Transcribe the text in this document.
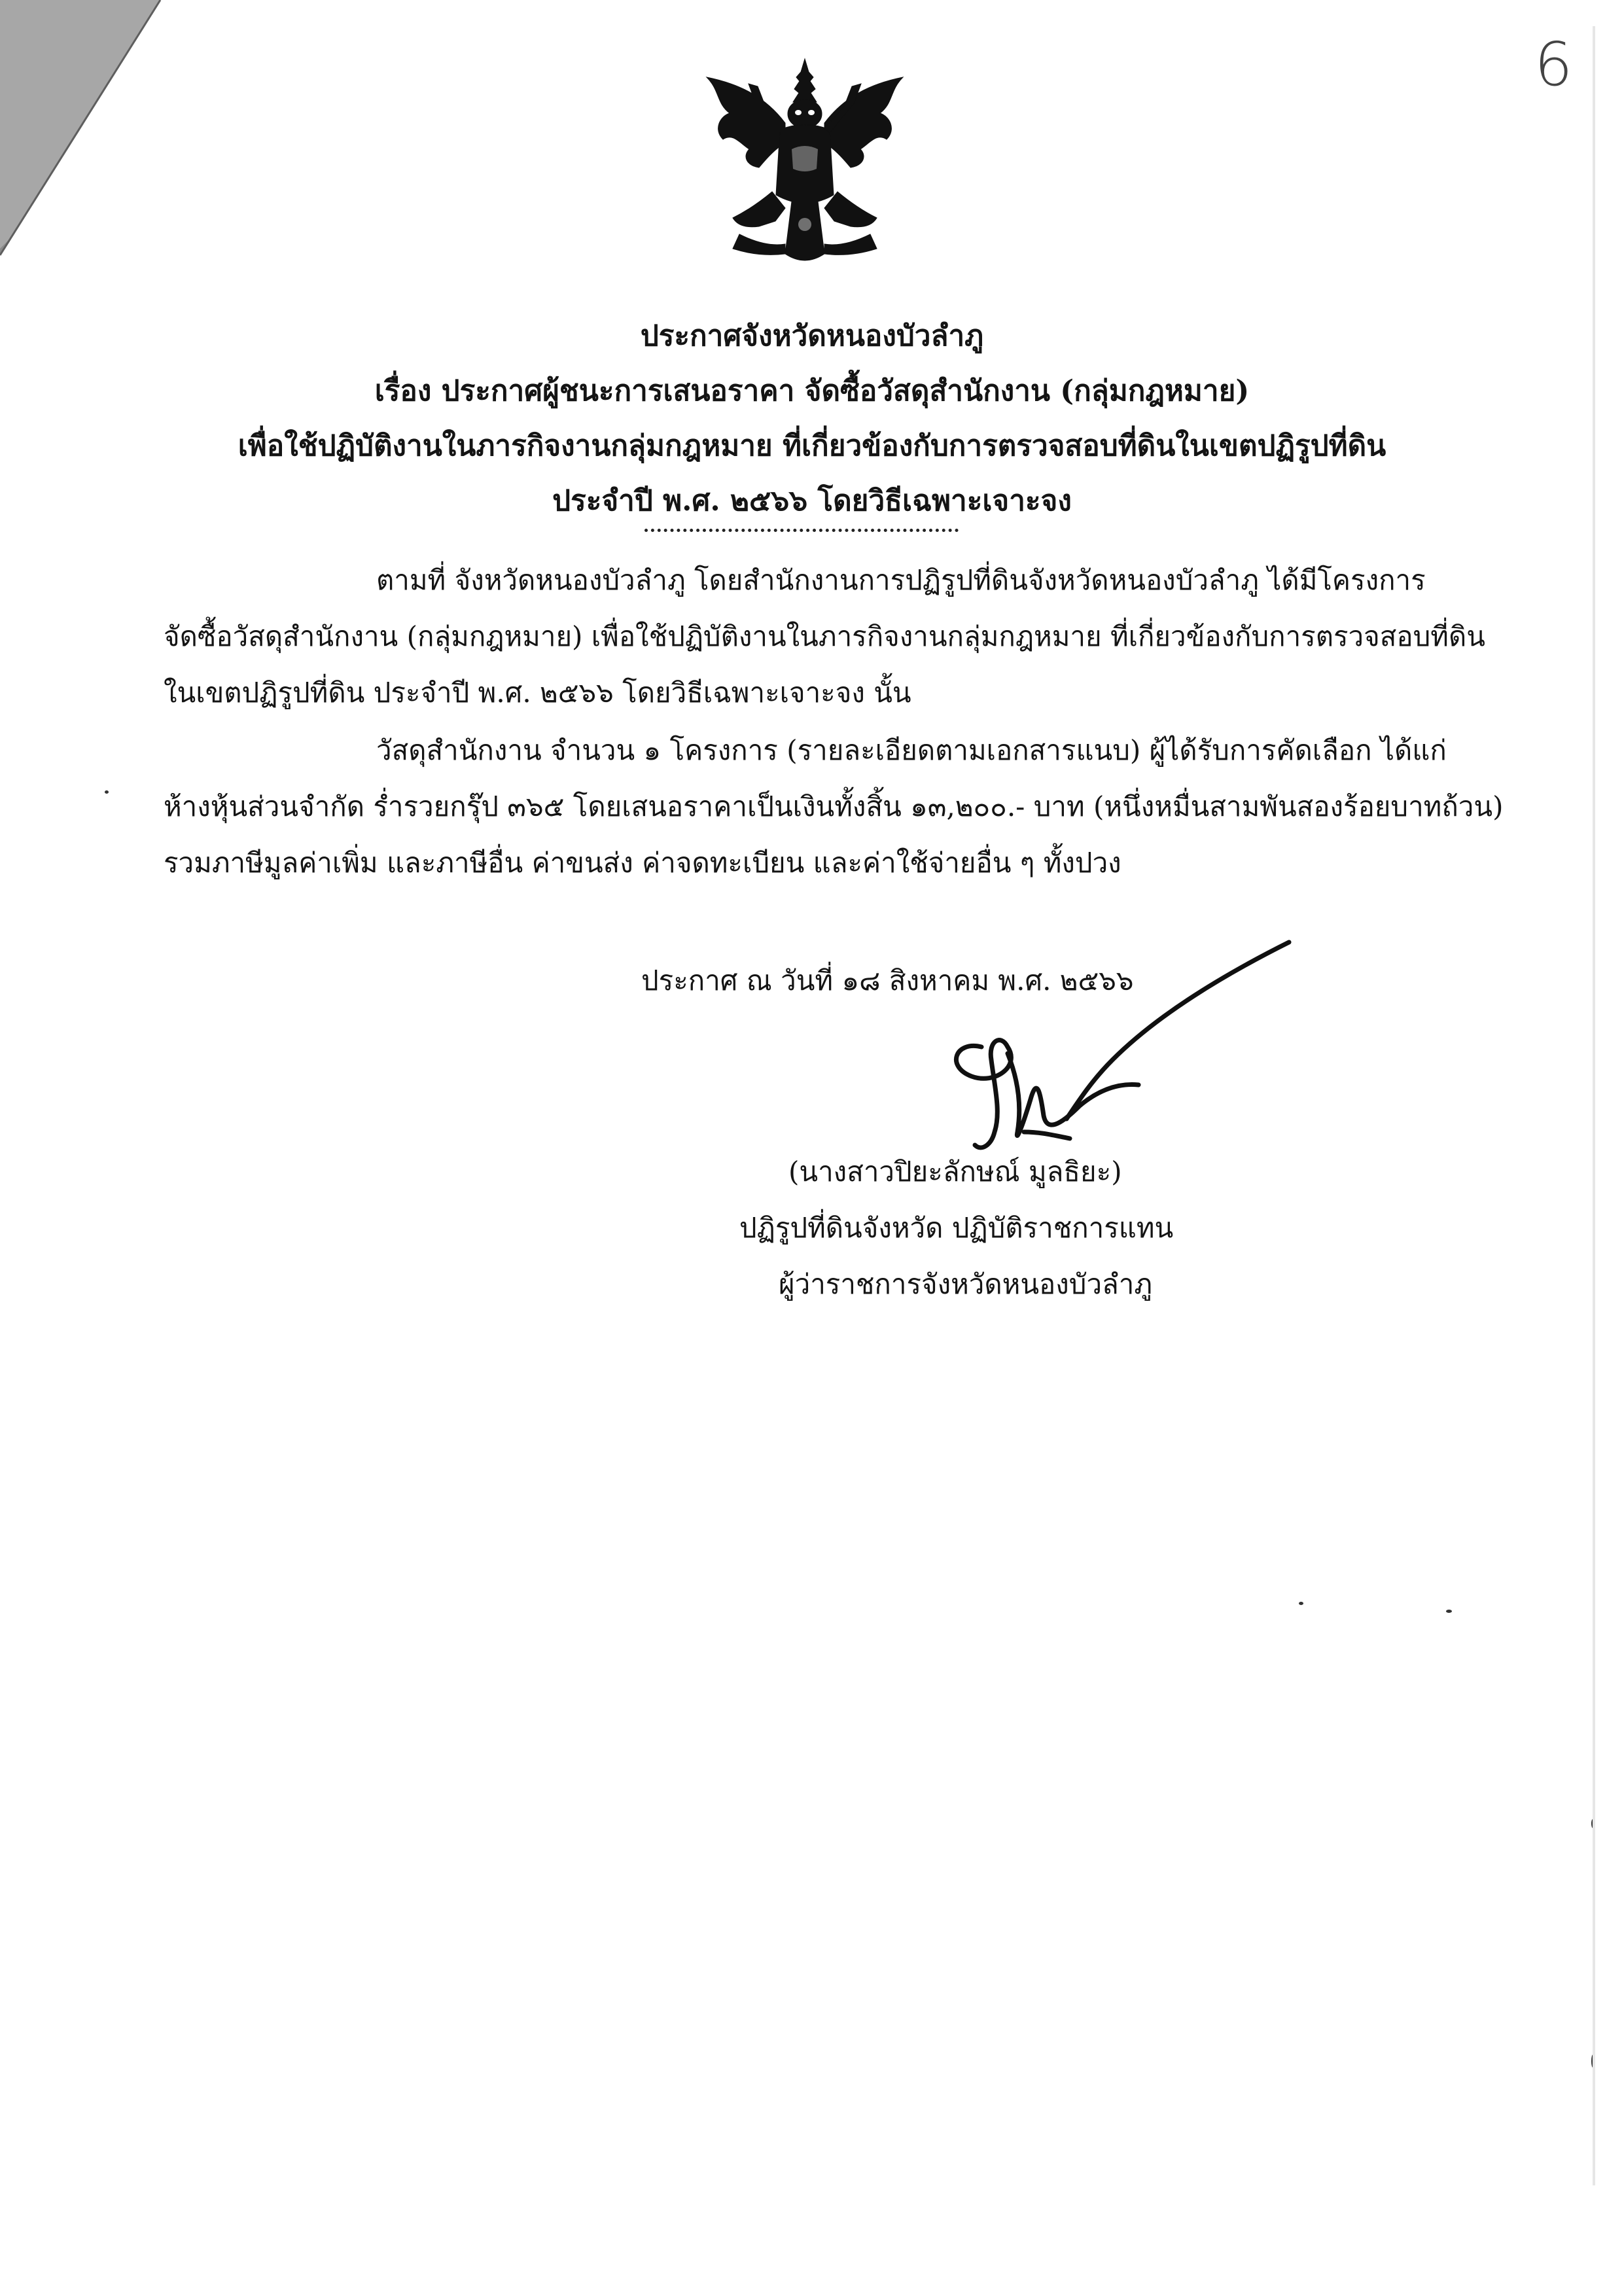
6
ประกาศจังหวัดหนองบัวลำภู
เรื่อง ประกาศผู้ชนะการเสนอราคา จัดซื้อวัสดุสำนักงาน (กลุ่มกฎหมาย)
เพื่อใช้ปฏิบัติงานในภารกิจงานกลุ่มกฎหมาย ที่เกี่ยวข้องกับการตรวจสอบที่ดินในเขตปฏิรูปที่ดิน
ประจำปี พ.ศ. ๒๕๖๖ โดยวิธีเฉพาะเจาะจง
ตามที่ จังหวัดหนองบัวลำภู โดยสำนักงานการปฏิรูปที่ดินจังหวัดหนองบัวลำภู ได้มีโครงการ
จัดซื้อวัสดุสำนักงาน (กลุ่มกฎหมาย) เพื่อใช้ปฏิบัติงานในภารกิจงานกลุ่มกฎหมาย ที่เกี่ยวข้องกับการตรวจสอบที่ดิน
ในเขตปฏิรูปที่ดิน ประจำปี พ.ศ. ๒๕๖๖ โดยวิธีเฉพาะเจาะจง นั้น
วัสดุสำนักงาน จำนวน ๑ โครงการ (รายละเอียดตามเอกสารแนบ) ผู้ได้รับการคัดเลือก ได้แก่
ห้างหุ้นส่วนจำกัด ร่ำรวยกรุ๊ป ๓๖๕ โดยเสนอราคาเป็นเงินทั้งสิ้น ๑๓,๒๐๐.- บาท (หนึ่งหมื่นสามพันสองร้อยบาทถ้วน)
รวมภาษีมูลค่าเพิ่ม และภาษีอื่น ค่าขนส่ง ค่าจดทะเบียน และค่าใช้จ่ายอื่น ๆ ทั้งปวง
ประกาศ ณ วันที่ ๑๘ สิงหาคม พ.ศ. ๒๕๖๖
(นางสาวปิยะลักษณ์ มูลธิยะ)
ปฏิรูปที่ดินจังหวัด ปฏิบัติราชการแทน
ผู้ว่าราชการจังหวัดหนองบัวลำภู
